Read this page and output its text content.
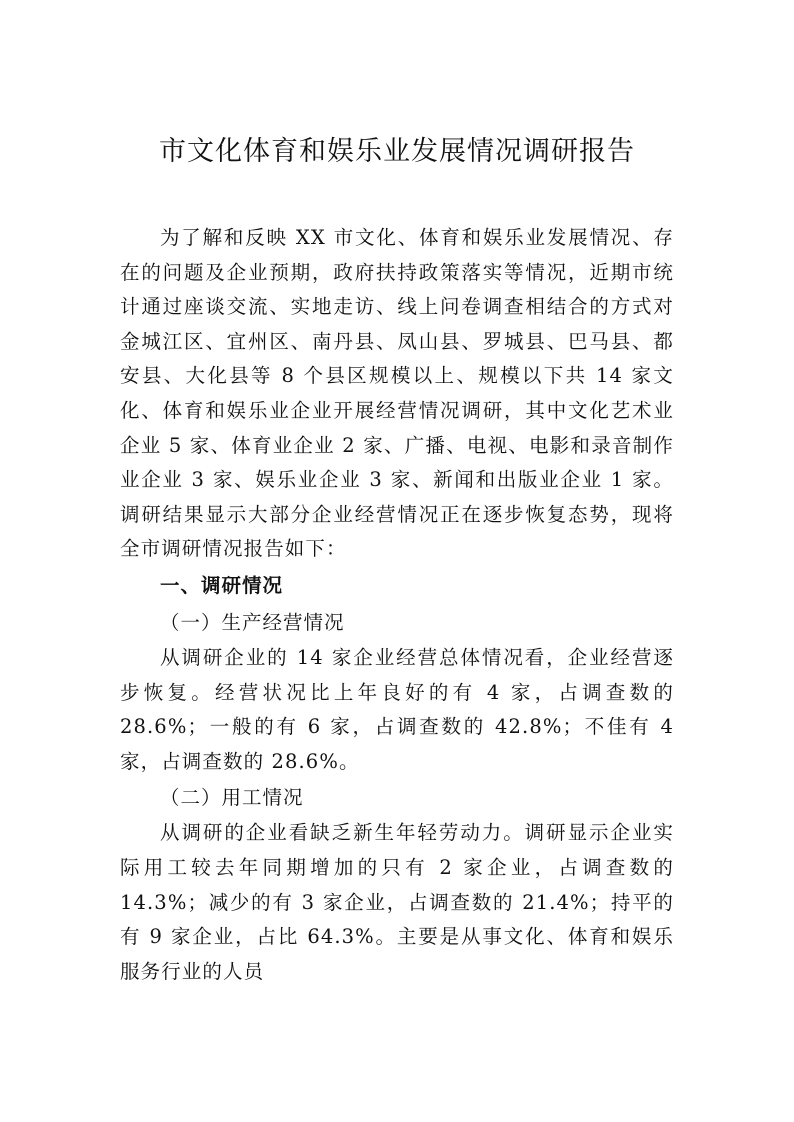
市文化体育和娱乐业发展情况调研报告

为了解和反映 XX 市文化、体育和娱乐业发展情况、存在的问题及企业预期，政府扶持政策落实等情况，近期市统计通过座谈交流、实地走访、线上问卷调查相结合的方式对金城江区、宜州区、南丹县、凤山县、罗城县、巴马县、都安县、大化县等 8 个县区规模以上、规模以下共 14 家文化、体育和娱乐业企业开展经营情况调研，其中文化艺术业企业 5 家、体育业企业 2 家、广播、电视、电影和录音制作业企业 3 家、娱乐业企业 3 家、新闻和出版业企业 1 家。调研结果显示大部分企业经营情况正在逐步恢复态势，现将全市调研情况报告如下：

一、调研情况

（一）生产经营情况

从调研企业的 14 家企业经营总体情况看，企业经营逐步恢复。经营状况比上年良好的有 4 家，占调查数的 28.6%；一般的有 6 家，占调查数的 42.8%；不佳有 4 家，占调查数的 28.6%。

（二）用工情况

从调研的企业看缺乏新生年轻劳动力。调研显示企业实际用工较去年同期增加的只有 2 家企业，占调查数的 14.3%；减少的有 3 家企业，占调查数的 21.4%；持平的有 9 家企业，占比 64.3%。主要是从事文化、体育和娱乐服务行业的人员
